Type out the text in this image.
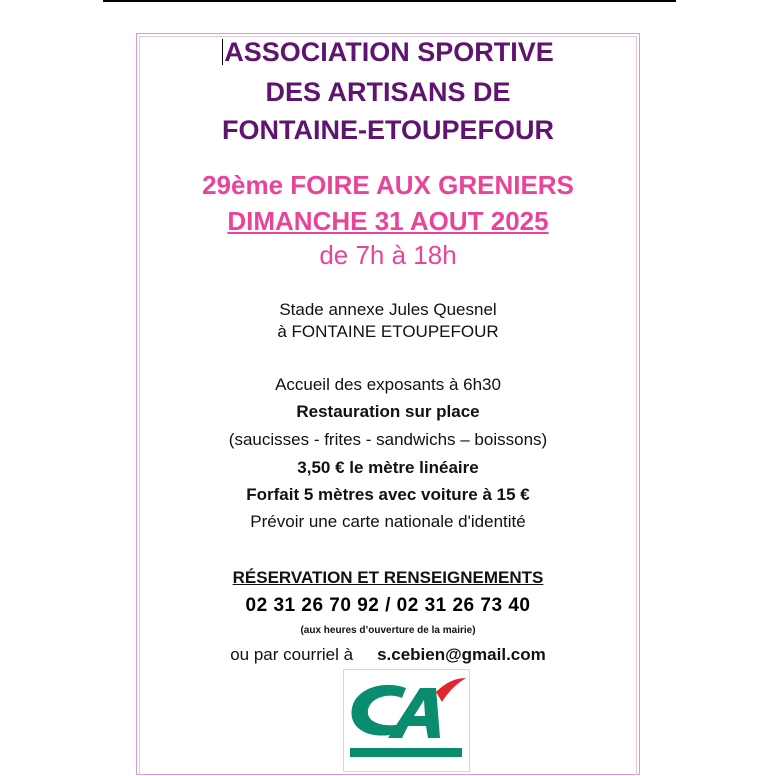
ASSOCIATION SPORTIVE
DES ARTISANS DE
FONTAINE-ETOUPEFOUR
29ème FOIRE AUX GRENIERS
DIMANCHE 31 AOUT 2025
de 7h à 18h
Stade annexe Jules Quesnel
à FONTAINE ETOUPEFOUR
Accueil des exposants à 6h30
Restauration sur place
(saucisses - frites - sandwichs – boissons)
3,50 € le mètre linéaire
Forfait 5 mètres avec voiture à 15 €
Prévoir une carte nationale d'identité
RÉSERVATION ET RENSEIGNEMENTS
02 31 26 70 92 / 02 31 26 73 40
(aux heures d’ouverture de la mairie)
ou par courriel à s.cebien@gmail.com
